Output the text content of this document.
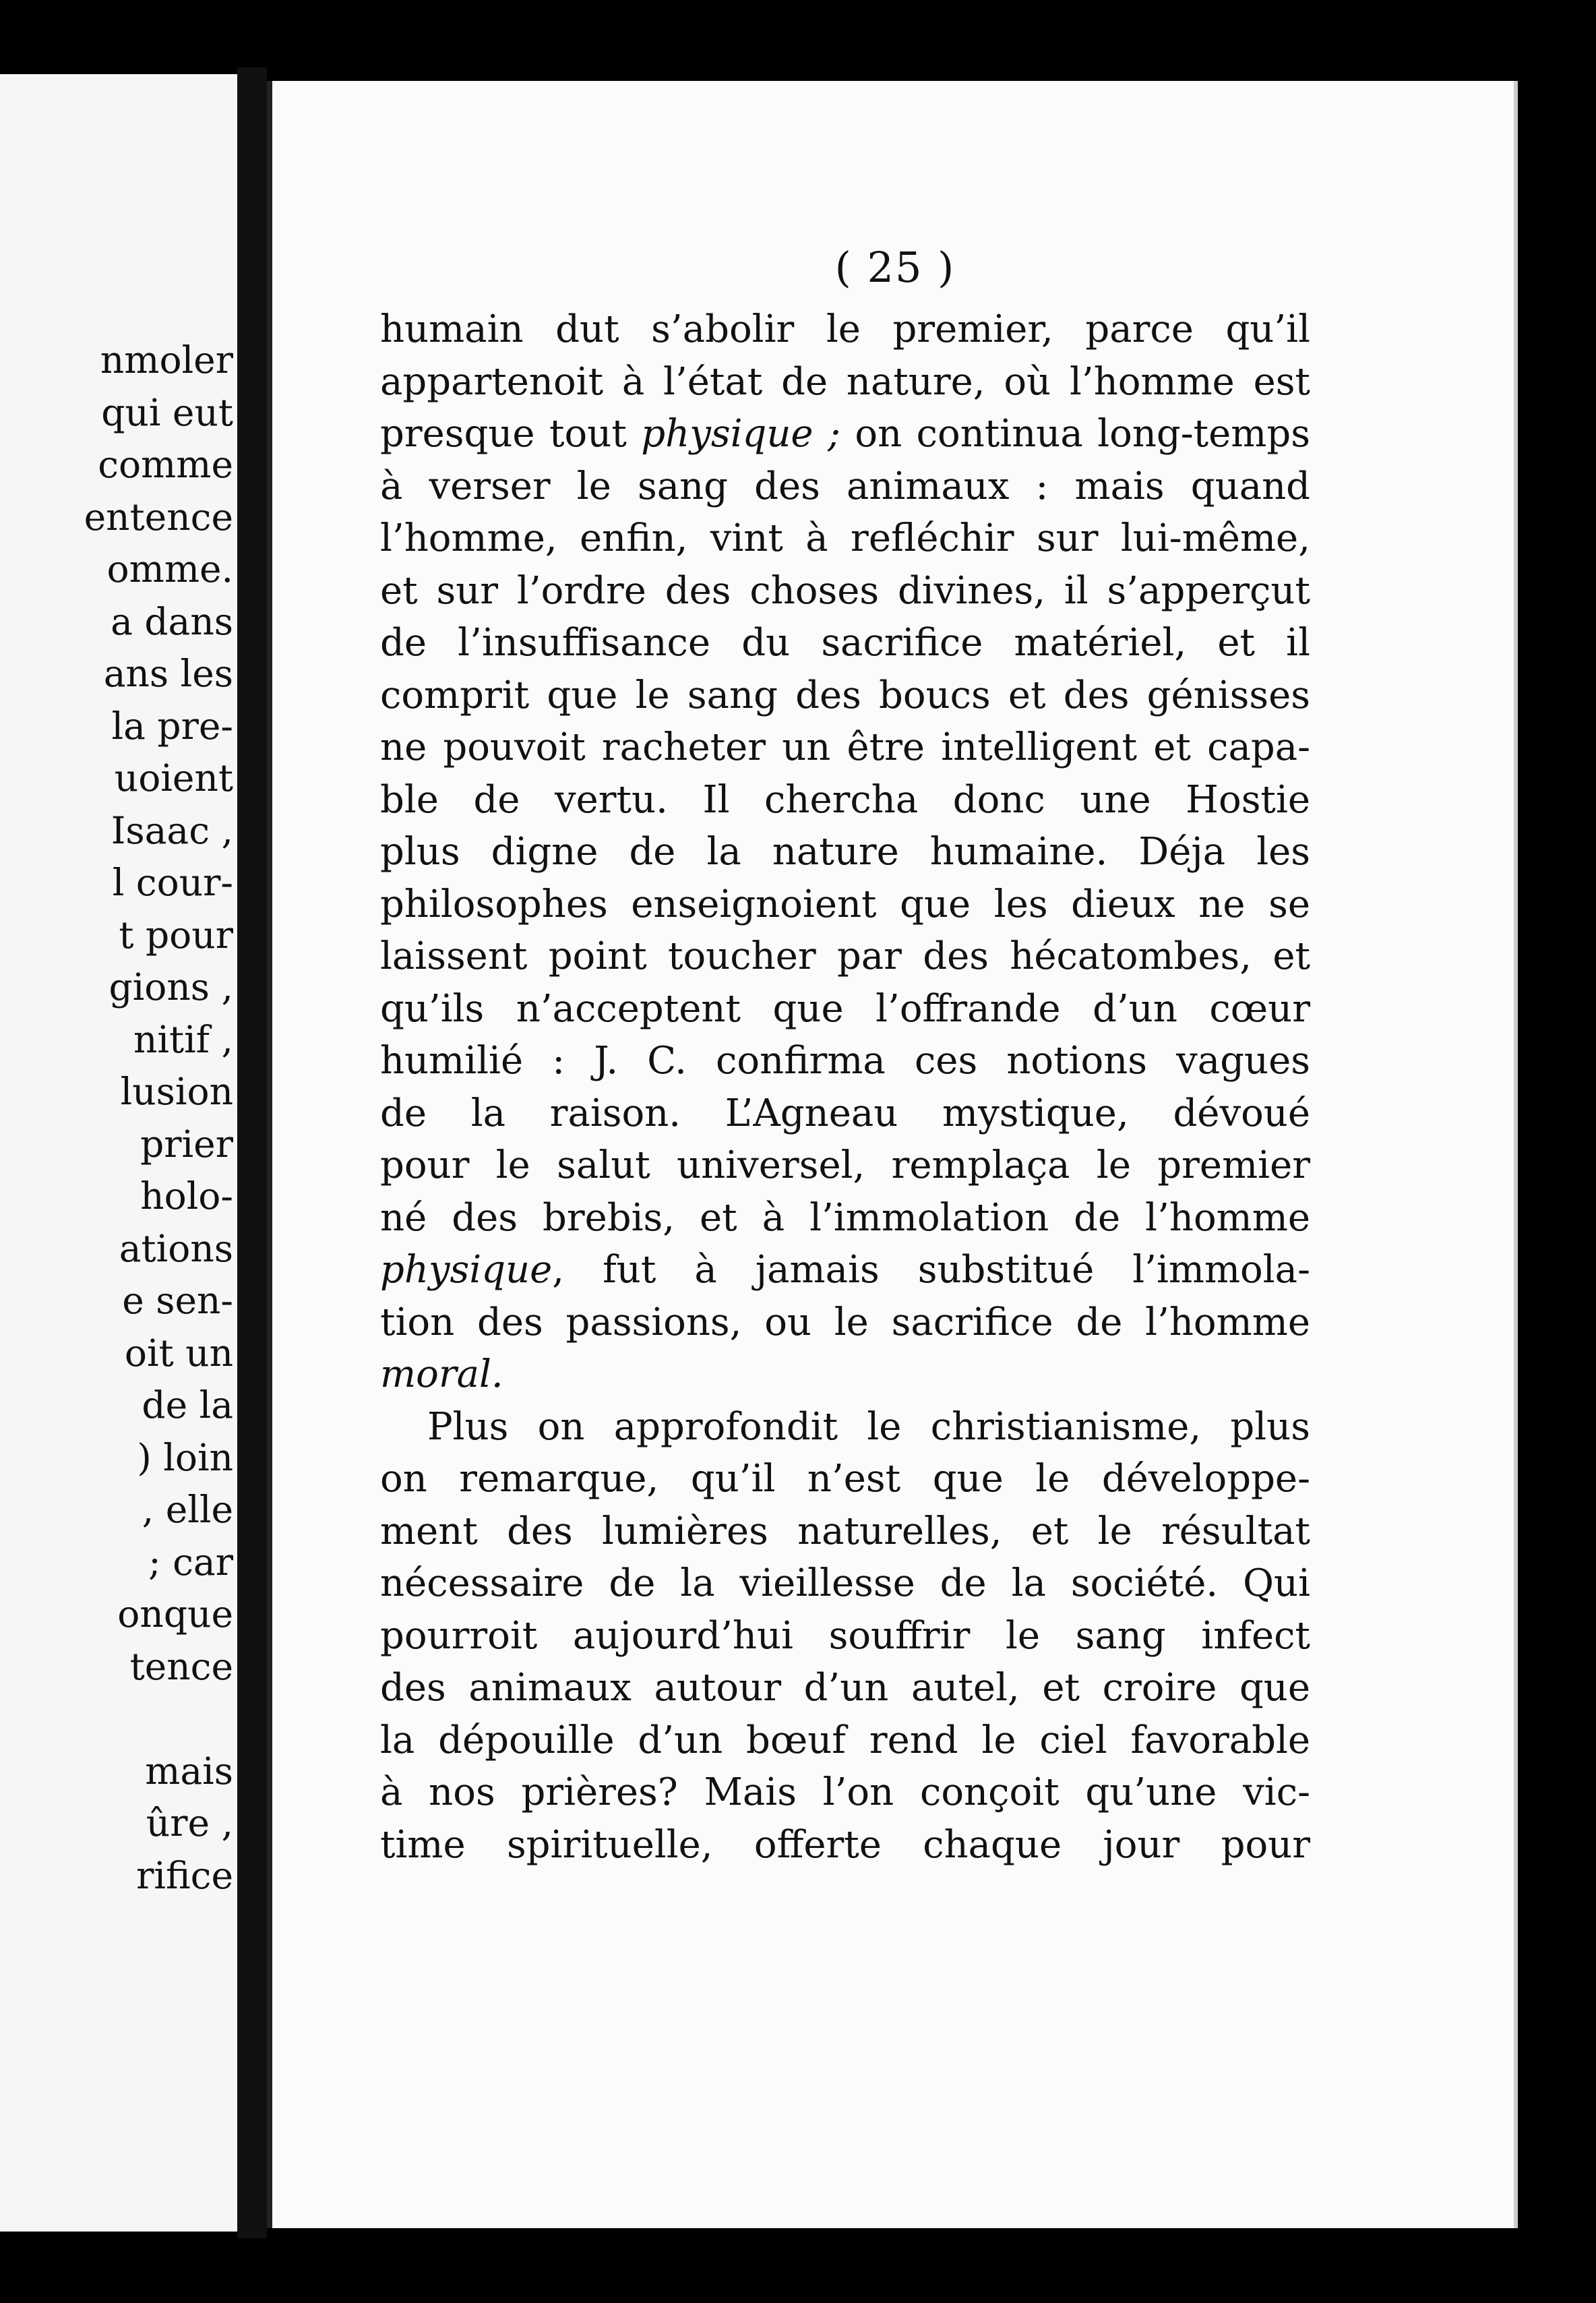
nmoler
qui eut
comme
entence
omme.
a dans
ans les
la pre-
uoient
Isaac ,
l cour-
t pour
gions ,
nitif ,
lusion
prier
holo-
ations
e sen-
oit un
de la
) loin
, elle
; car
onque
tence
mais
ûre ,
rifice
( 25 )
humain dut s’abolir le premier, parce qu’il
appartenoit à l’état de nature, où l’homme est
presque tout physique ; on continua long-temps
à verser le sang des animaux : mais quand
l’homme, enfin, vint à refléchir sur lui-même,
et sur l’ordre des choses divines, il s’apperçut
de l’insuffisance du sacrifice matériel, et il
comprit que le sang des boucs et des génisses
ne pouvoit racheter un être intelligent et capa-
ble de vertu. Il chercha donc une Hostie
plus digne de la nature humaine. Déja les
philosophes enseignoient que les dieux ne se
laissent point toucher par des hécatombes, et
qu’ils n’acceptent que l’offrande d’un cœur
humilié : J. C. confirma ces notions vagues
de la raison. L’Agneau mystique, dévoué
pour le salut universel, remplaça le premier
né des brebis, et à l’immolation de l’homme
physique, fut à jamais substitué l’immola-
tion des passions, ou le sacrifice de l’homme
moral.
Plus on approfondit le christianisme, plus
on remarque, qu’il n’est que le développe-
ment des lumières naturelles, et le résultat
nécessaire de la vieillesse de la société. Qui
pourroit aujourd’hui souffrir le sang infect
des animaux autour d’un autel, et croire que
la dépouille d’un bœuf rend le ciel favorable
à nos prières? Mais l’on conçoit qu’une vic-
time spirituelle, offerte chaque jour pour
